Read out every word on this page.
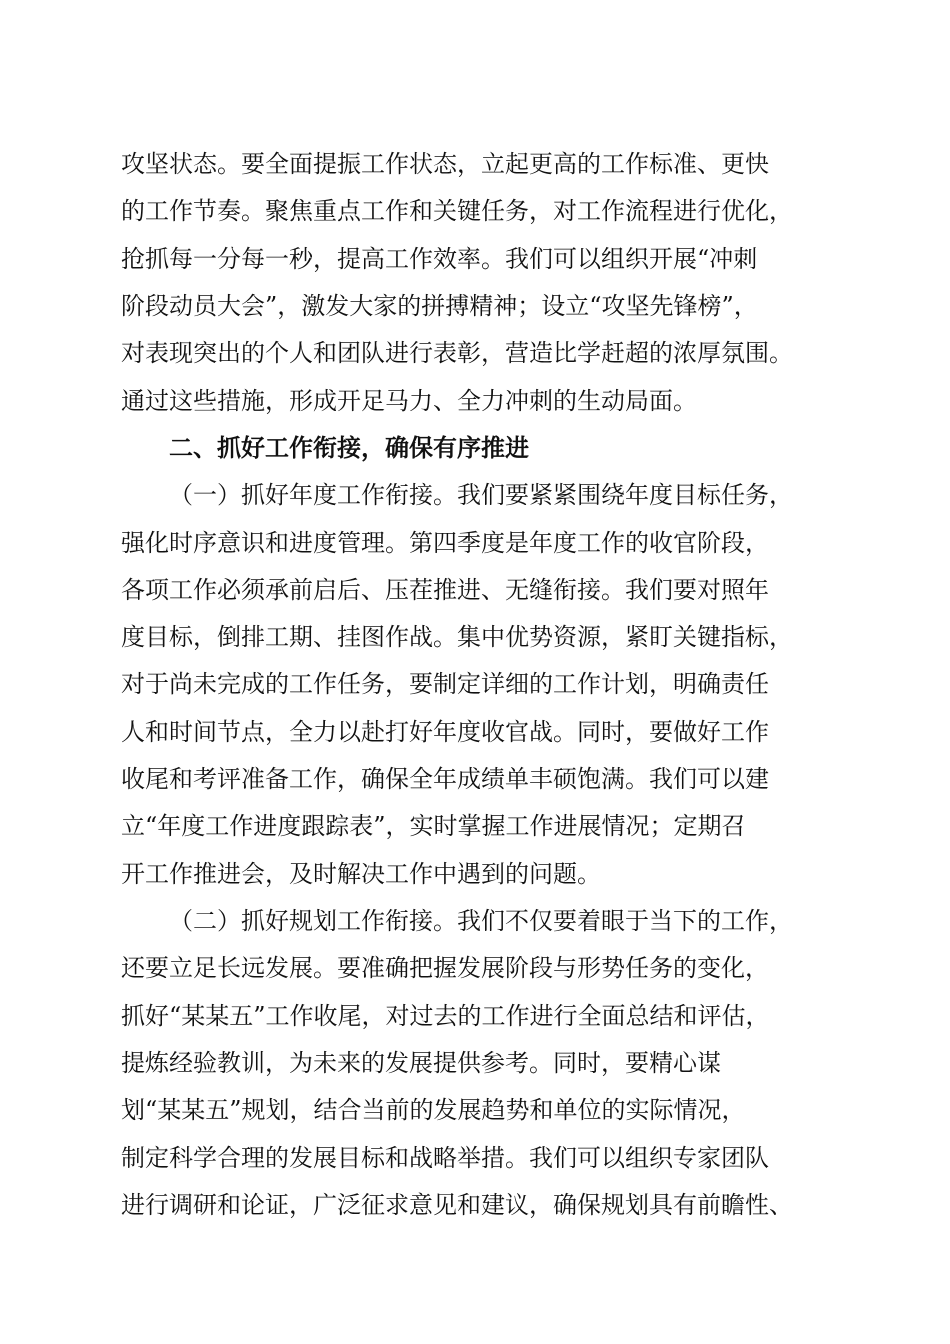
攻坚状态。要全面提振工作状态，立起更高的工作标准、更快
的工作节奏。聚焦重点工作和关键任务，对工作流程进行优化，
抢抓每一分每一秒，提高工作效率。我们可以组织开展“冲刺
阶段动员大会”，激发大家的拼搏精神；设立“攻坚先锋榜”，
对表现突出的个人和团队进行表彰，营造比学赶超的浓厚氛围。
通过这些措施，形成开足马力、全力冲刺的生动局面。
二、抓好工作衔接，确保有序推进
（一）抓好年度工作衔接。我们要紧紧围绕年度目标任务，
强化时序意识和进度管理。第四季度是年度工作的收官阶段，
各项工作必须承前启后、压茬推进、无缝衔接。我们要对照年
度目标，倒排工期、挂图作战。集中优势资源，紧盯关键指标，
对于尚未完成的工作任务，要制定详细的工作计划，明确责任
人和时间节点，全力以赴打好年度收官战。同时，要做好工作
收尾和考评准备工作，确保全年成绩单丰硕饱满。我们可以建
立“年度工作进度跟踪表”，实时掌握工作进展情况；定期召
开工作推进会，及时解决工作中遇到的问题。
（二）抓好规划工作衔接。我们不仅要着眼于当下的工作，
还要立足长远发展。要准确把握发展阶段与形势任务的变化，
抓好“某某五”工作收尾，对过去的工作进行全面总结和评估，
提炼经验教训，为未来的发展提供参考。同时，要精心谋
划“某某五”规划，结合当前的发展趋势和单位的实际情况，
制定科学合理的发展目标和战略举措。我们可以组织专家团队
进行调研和论证，广泛征求意见和建议，确保规划具有前瞻性、
